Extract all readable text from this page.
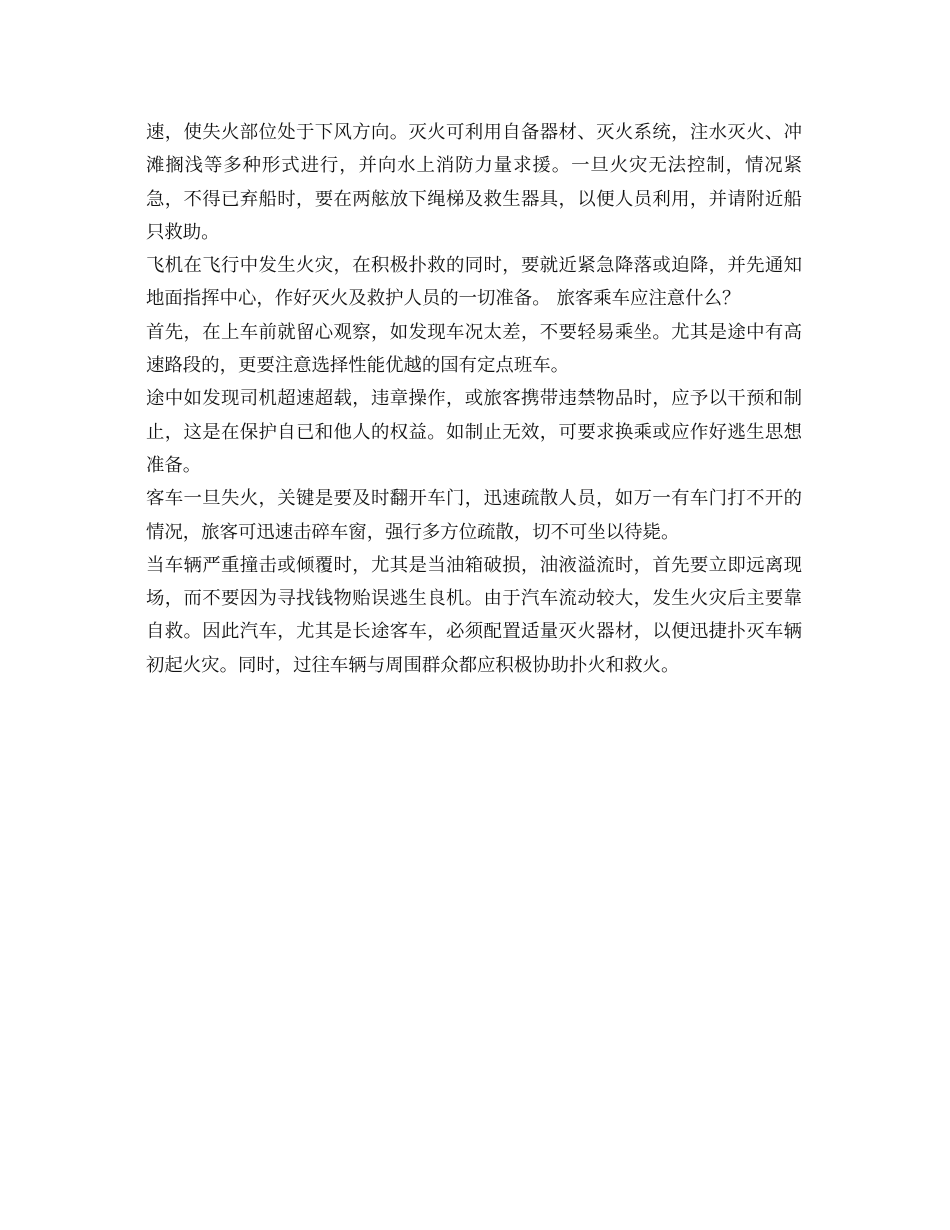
速，使失火部位处于下风方向。灭火可利用自备器材、灭火系统，注水灭火、冲滩搁浅等多种形式进行，并向水上消防力量求援。一旦火灾无法控制，情况紧急，不得已弃船时，要在两舷放下绳梯及救生器具，以便人员利用，并请附近船只救助。

飞机在飞行中发生火灾，在积极扑救的同时，要就近紧急降落或迫降，并先通知地面指挥中心，作好灭火及救护人员的一切准备。 旅客乘车应注意什么？

首先，在上车前就留心观察，如发现车况太差，不要轻易乘坐。尤其是途中有高速路段的，更要注意选择性能优越的国有定点班车。

途中如发现司机超速超载，违章操作，或旅客携带违禁物品时，应予以干预和制止，这是在保护自已和他人的权益。如制止无效，可要求换乘或应作好逃生思想准备。

客车一旦失火，关键是要及时翻开车门，迅速疏散人员，如万一有车门打不开的情况，旅客可迅速击碎车窗，强行多方位疏散，切不可坐以待毙。

当车辆严重撞击或倾覆时，尤其是当油箱破损，油液溢流时，首先要立即远离现场，而不要因为寻找钱物贻误逃生良机。由于汽车流动较大，发生火灾后主要靠自救。因此汽车，尤其是长途客车，必须配置适量灭火器材，以便迅捷扑灭车辆初起火灾。同时，过往车辆与周围群众都应积极协助扑火和救火。
